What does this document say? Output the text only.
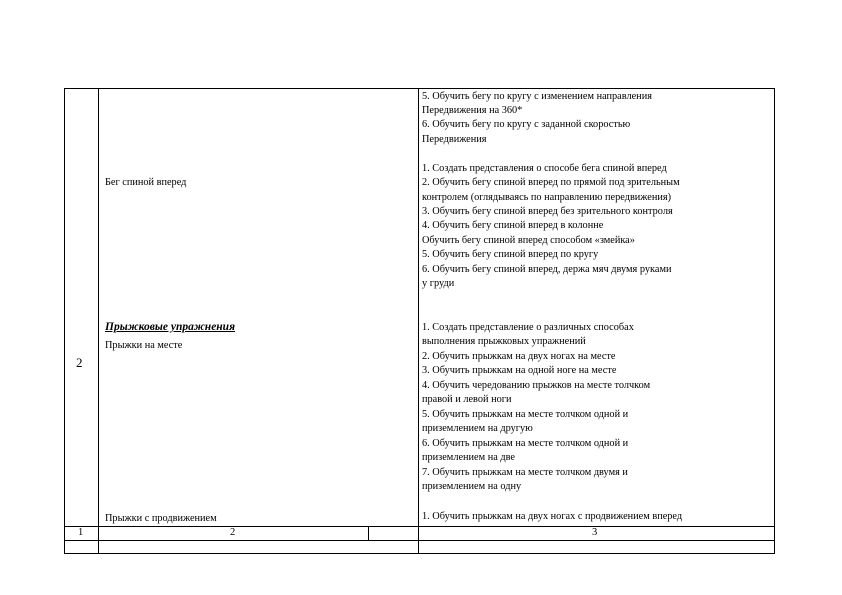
2
Бег спиной вперед
Прыжковые упражнения
Прыжки на месте
Прыжки с продвижением
5. Обучить бегу по кругу с изменением направления
Передвижения на 360*
6. Обучить бегу по кругу с заданной скоростью
Передвижения
1. Создать представления о способе бега спиной вперед
2. Обучить бегу спиной вперед по прямой под зрительным
контролем (оглядываясь по направлению передвижения)
3. Обучить бегу спиной вперед без зрительного контроля
4. Обучить бегу спиной вперед в колонне
Обучить бегу спиной вперед способом «змейка»
5. Обучить бегу спиной вперед по кругу
6. Обучить бегу спиной вперед, держа мяч двумя руками
у груди
1. Создать представление о различных способах
выполнения прыжковых упражнений
2. Обучить прыжкам на двух ногах на месте
3. Обучить прыжкам на одной ноге на месте
4. Обучить чередованию прыжков на месте толчком
правой и левой ноги
5. Обучить прыжкам на месте толчком одной и
приземлением на другую
6. Обучить прыжкам на месте толчком одной и
приземлением на две
7. Обучить прыжкам на месте толчком двумя и
приземлением на одну
1. Обучить прыжкам на двух ногах с продвижением вперед
1	2	3
